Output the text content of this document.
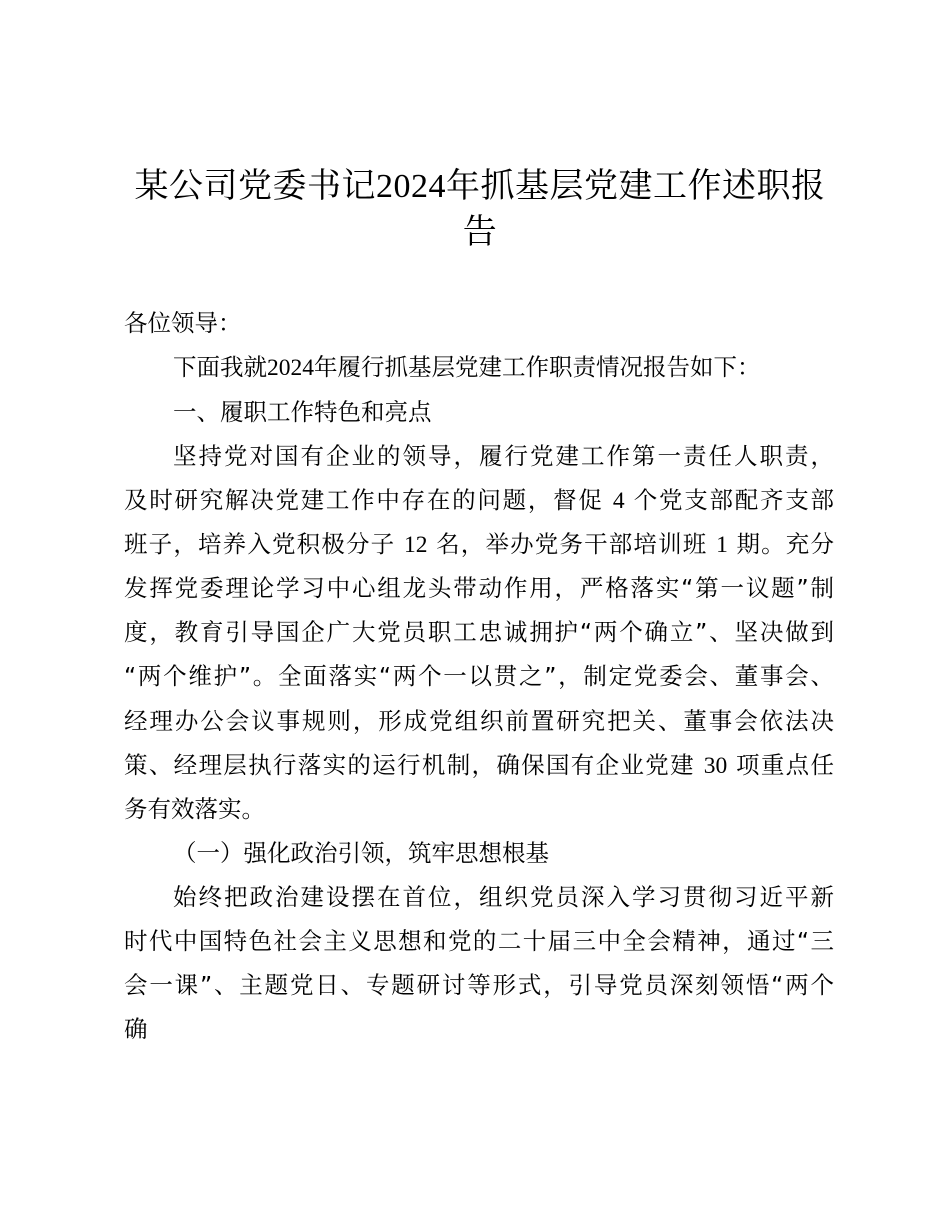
某公司党委书记2024年抓基层党建工作述职报
告
各位领导：
下面我就2024年履行抓基层党建工作职责情况报告如下：
一、履职工作特色和亮点
坚持党对国有企业的领导，履行党建工作第一责任人职责，
及时研究解决党建工作中存在的问题，督促 4 个党支部配齐支部
班子，培养入党积极分子 12 名，举办党务干部培训班 1 期。充分
发挥党委理论学习中心组龙头带动作用，严格落实“第一议题”制
度，教育引导国企广大党员职工忠诚拥护“两个确立”、坚决做到
“两个维护”。全面落实“两个一以贯之”，制定党委会、董事会、
经理办公会议事规则，形成党组织前置研究把关、董事会依法决
策、经理层执行落实的运行机制，确保国有企业党建 30 项重点任
务有效落实。
（一）强化政治引领，筑牢思想根基
始终把政治建设摆在首位，组织党员深入学习贯彻习近平新
时代中国特色社会主义思想和党的二十届三中全会精神，通过“三
会一课”、主题党日、专题研讨等形式，引导党员深刻领悟“两个
确
